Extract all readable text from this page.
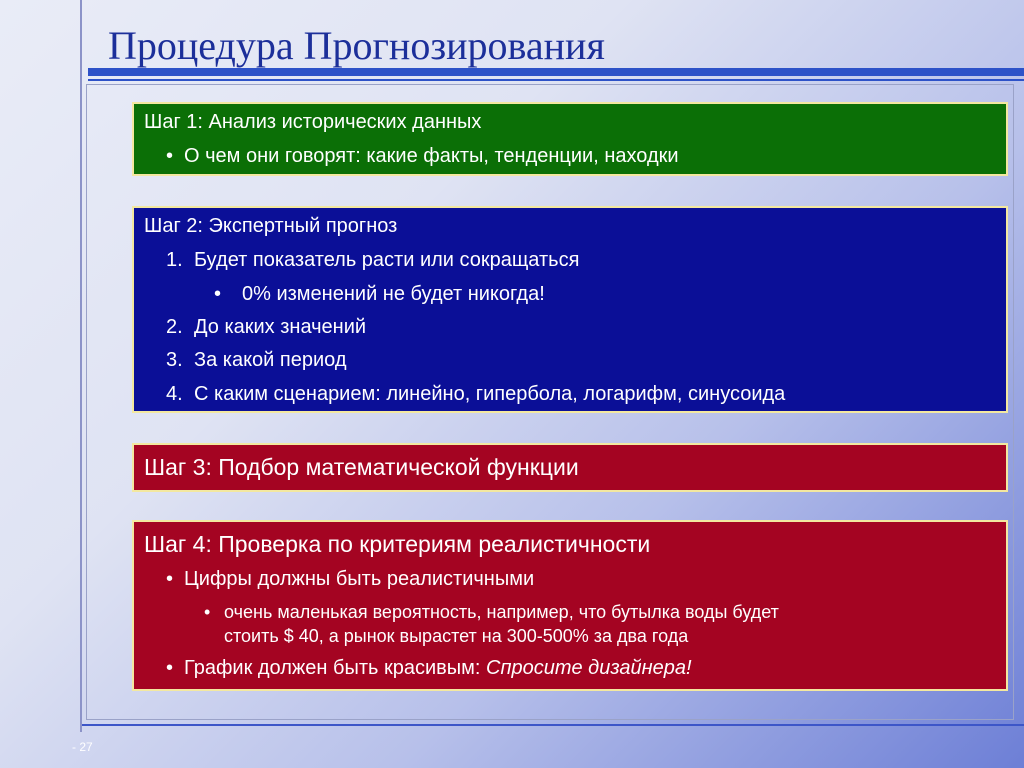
Процедура Прогнозирования
Шаг 1: Анализ исторических данных
• О чем они говорят: какие факты, тенденции, находки
Шаг 2: Экспертный прогноз
1. Будет показатель расти или сокращаться
• 0% изменений не будет никогда!
2. До каких значений
3. За какой период
4. С каким сценарием: линейно, гипербола, логарифм, синусоида
Шаг 3: Подбор математической функции
Шаг 4: Проверка по критериям реалистичности
• Цифры должны быть реалистичными
• очень маленькая вероятность, например, что бутылка воды будет
стоить $ 40, а рынок вырастет на 300-500% за два года
• График должен быть красивым: Спросите дизайнера!
- 27
